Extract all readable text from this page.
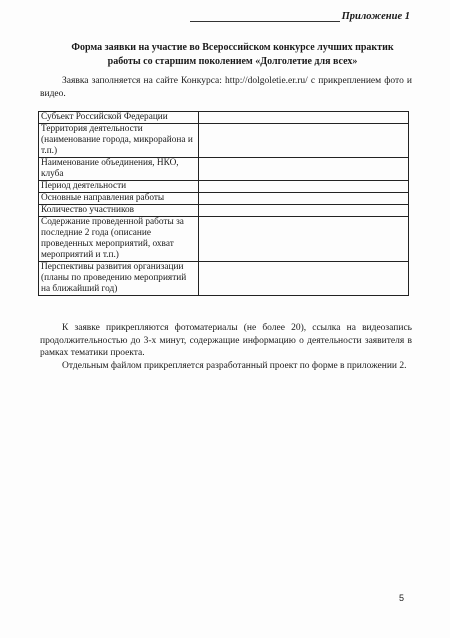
Приложение 1
Форма заявки на участие во Всероссийском конкурсе лучших практик
работы со старшим поколением «Долголетие для всех»
Заявка заполняется на сайте Конкурса: http://dolgoletie.er.ru/ с прикреплением фото и видео.
Субъект Российской Федерации	
Территория деятельности (наименование города, микрорайона и т.п.)	
Наименование объединения, НКО, клуба	
Период деятельности	
Основные направления работы	
Количество участников	
Содержание проведенной работы за последние 2 года (описание проведенных мероприятий, охват мероприятий и т.п.)	
Перспективы развития организации (планы по проведению мероприятий на ближайший год)	

К заявке прикрепляются фотоматериалы (не более 20), ссылка на видеозапись продолжительностью до 3-х минут, содержащие информацию о деятельности заявителя в рамках тематики проекта.

Отдельным файлом прикрепляется разработанный проект по форме в приложении 2.

5
